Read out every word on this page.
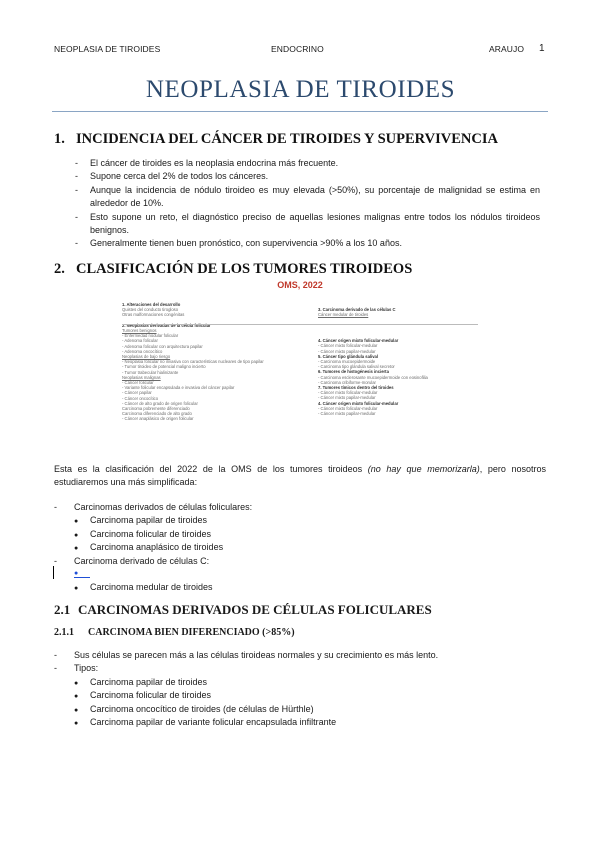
NEOPLASIA DE TIROIDES	ENDOCRINO	ARAUJO 1
NEOPLASIA DE TIROIDES
1. INCIDENCIA DEL CÁNCER DE TIROIDES Y SUPERVIVENCIA
- El cáncer de tiroides es la neoplasia endocrina más frecuente.
- Supone cerca del 2% de todos los cánceres.
- Aunque la incidencia de nódulo tiroideo es muy elevada (>50%), su porcentaje de malignidad se estima en alrededor de 10%.
- Esto supone un reto, el diagnóstico preciso de aquellas lesiones malignas entre todos los nódulos tiroideos benignos.
- Generalmente tienen buen pronóstico, con supervivencia >90% a los 10 años.
2. CLASIFICACIÓN DE LOS TUMORES TIROIDEOS
OMS, 2022
1. Alteraciones del desarrollo
Quistes del conducto tirogloso
Otras malformaciones congénitas

2. Neoplasias derivadas de la célula folicular
Tumores benignos
- Enfermedad nodular folicular
- Adenoma folicular
- Adenoma folicular con arquitectura papilar
- Adenoma oncocítico
Neoplasias de bajo riesgo
- Neoplasia folicular no invasiva con características nucleares de tipo papilar
- Tumor tiroideo de potencial maligno incierto
- Tumor trabecular hialinizante
Neoplasias malignas
- Cáncer folicular
- Variante folicular encapsulada e invasiva del cáncer papilar
- Cáncer papilar
- Cáncer oncocítico
- Cáncer de alto grado de origen folicular
Carcinoma pobremente diferenciado
Carcinoma diferenciado de alto grado
- Cáncer anaplásico de origen folicular
3. Carcinoma derivado de las células C
Cáncer medular de tiroides

4. Cáncer origen mixto folicular-medular
- Cáncer mixto folicular-medular
- Cáncer mixto papilar-medular
5. Cáncer tipo glándula salival
- Carcinoma mucoepidermoide
- Carcinoma tipo glándula salival secretor
6. Tumores de histogénesis incierta
- Carcinoma esclerosante mucoepidermoide con eosinofilia
- Carcinoma cribiforme-morular
7. Tumores tímicos dentro del tiroides
- Cáncer mixto folicular-medular
- Cáncer mixto papilar-medular
4. Cáncer origen mixto folicular-medular
- Cáncer mixto folicular-medular
- Cáncer mixto papilar-medular
Esta es la clasificación del 2022 de la OMS de los tumores tiroideos (no hay que memorizarla), pero nosotros estudiaremos una más simplificada:
- Carcinomas derivados de células foliculares:
● Carcinoma papilar de tiroides
● Carcinoma folicular de tiroides
● Carcinoma anaplásico de tiroides
- Carcinoma derivado de células C:
● Carcinoma medular de tiroides
●
2.1 CARCINOMAS DERIVADOS DE CÉLULAS FOLICULARES
2.1.1 CARCINOMA BIEN DIFERENCIADO (>85%)
- Sus células se parecen más a las células tiroideas normales y su crecimiento es más lento.
- Tipos:
● Carcinoma papilar de tiroides
● Carcinoma folicular de tiroides
● Carcinoma oncocítico de tiroides (de células de Hürthle)
● Carcinoma papilar de variante folicular encapsulada infiltrante
